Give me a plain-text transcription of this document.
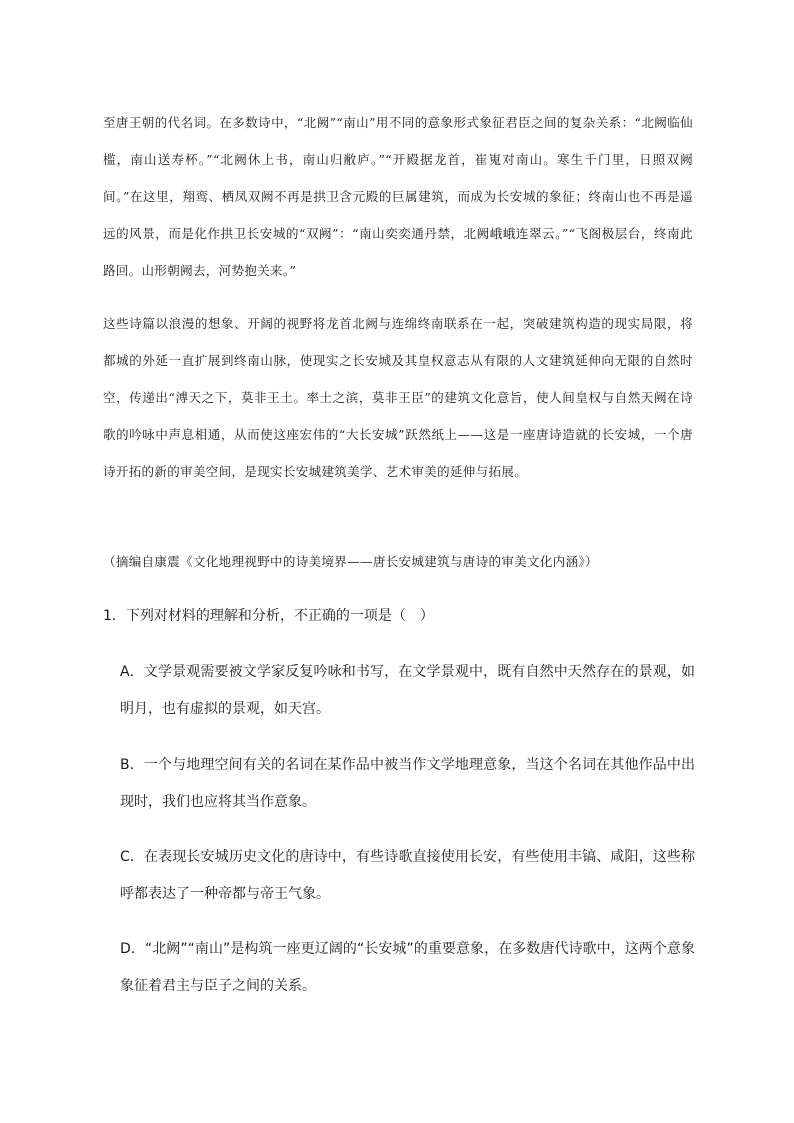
至唐王朝的代名词。在多数诗中，“北阙”“南山”用不同的意象形式象征君臣之间的复杂关系：“北阙临仙槛，南山送寿杯。”“北阙休上书，南山归敝庐。”“开殿据龙首，崔嵬对南山。寒生千门里，日照双阙间。”在这里，翔鸾、栖凤双阙不再是拱卫含元殿的巨属建筑，而成为长安城的象征；终南山也不再是遥远的风景，而是化作拱卫长安城的“双阙”：“南山奕奕通丹禁，北阙峨峨连翠云。”“飞阁极层台，终南此路回。山形朝阙去，河势抱关来。”

这些诗篇以浪漫的想象、开阔的视野将龙首北阙与连绵终南联系在一起，突破建筑构造的现实局限，将都城的外延一直扩展到终南山脉，使现实之长安城及其皇权意志从有限的人文建筑延伸向无限的自然时空，传递出“溥天之下，莫非王土。率土之滨，莫非王臣”的建筑文化意旨，使人间皇权与自然天阙在诗歌的吟咏中声息相通，从而使这座宏伟的“大长安城”跃然纸上——这是一座唐诗造就的长安城，一个唐诗开拓的新的审美空间，是现实长安城建筑美学、艺术审美的延伸与拓展。

（摘编自康震《文化地理视野中的诗美境界——唐长安城建筑与唐诗的审美文化内涵》）

1．下列对材料的理解和分析，不正确的一项是（　）

A．文学景观需要被文学家反复吟咏和书写，在文学景观中，既有自然中天然存在的景观，如明月，也有虚拟的景观，如天宫。

B．一个与地理空间有关的名词在某作品中被当作文学地理意象，当这个名词在其他作品中出现时，我们也应将其当作意象。

C．在表现长安城历史文化的唐诗中，有些诗歌直接使用长安，有些使用丰镐、咸阳，这些称呼都表达了一种帝都与帝王气象。

D．“北阙”“南山”是构筑一座更辽阔的“长安城”的重要意象，在多数唐代诗歌中，这两个意象象征着君主与臣子之间的关系。
